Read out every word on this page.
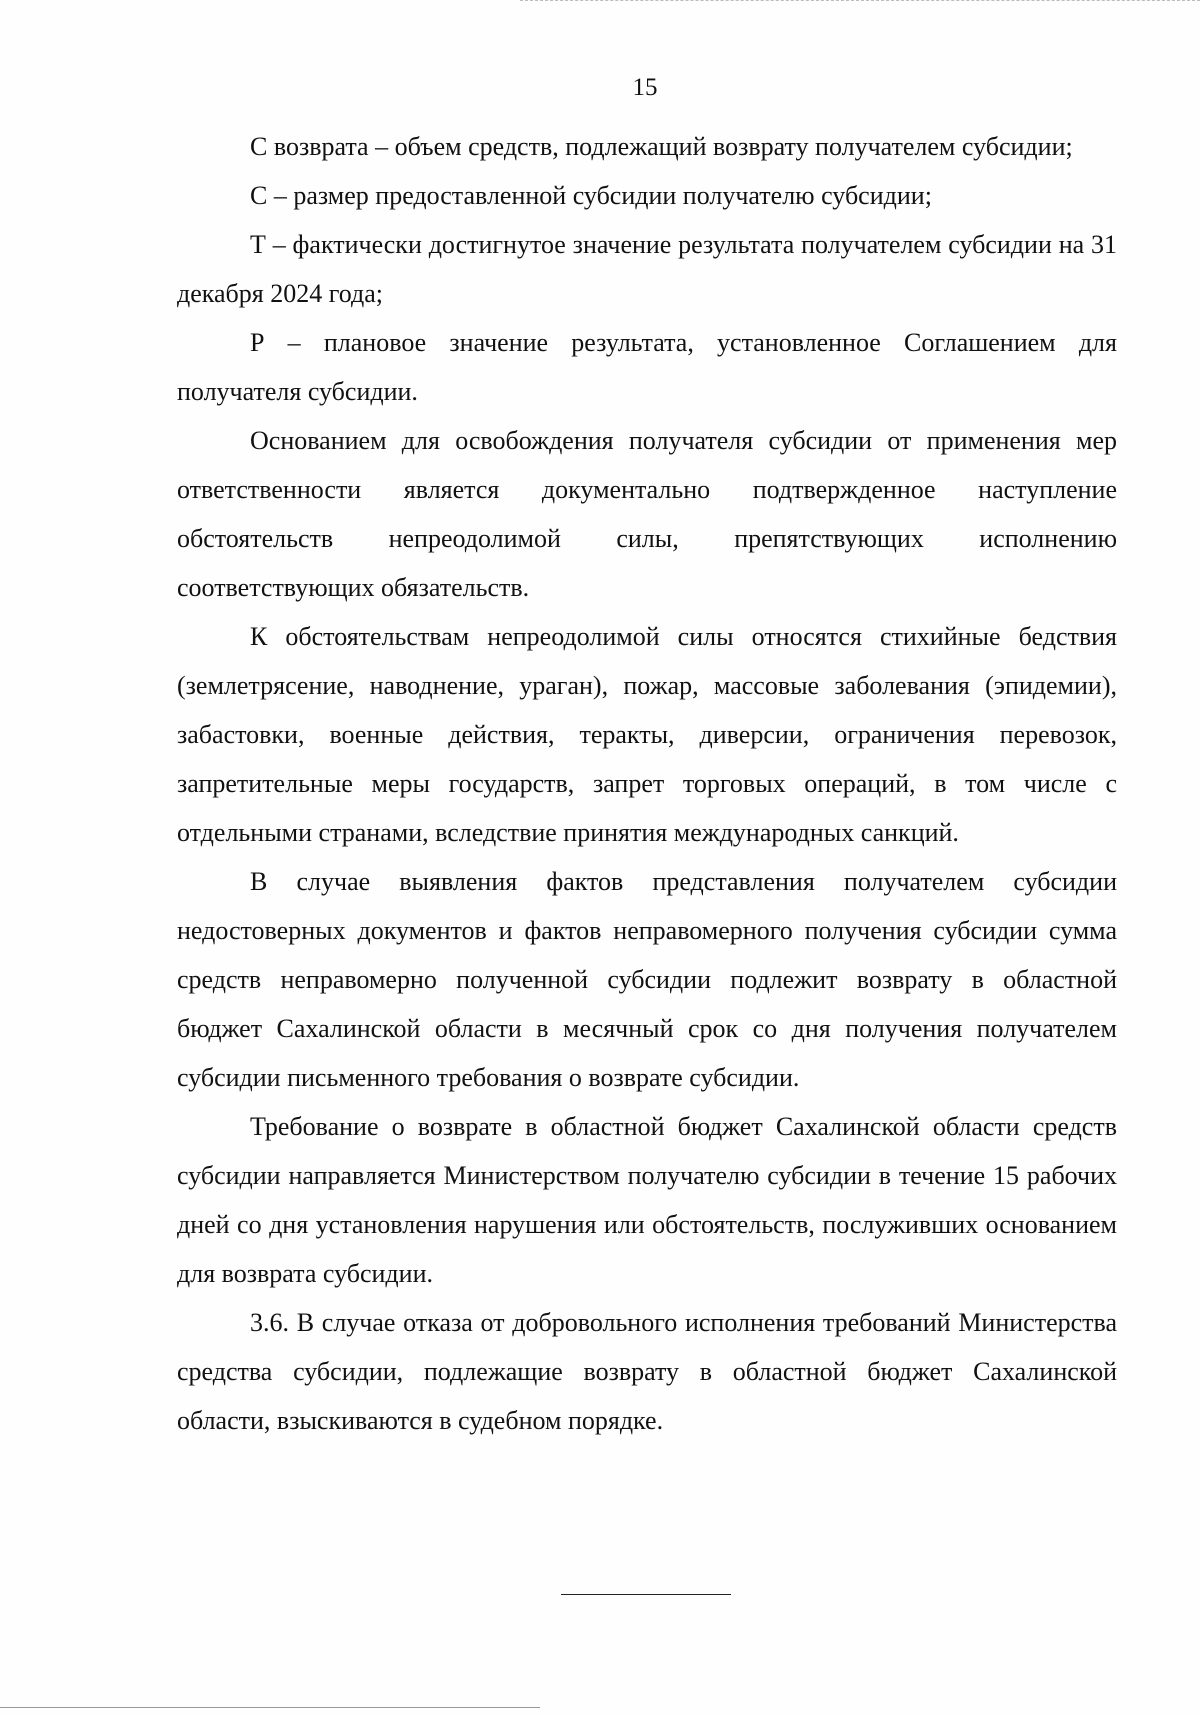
15

С возврата – объем средств, подлежащий возврату получателем субсидии;

С – размер предоставленной субсидии получателю субсидии;

Т – фактически достигнутое значение результата получателем субсидии на 31 декабря 2024 года;

Р – плановое значение результата, установленное Соглашением для получателя субсидии.

Основанием для освобождения получателя субсидии от применения мер ответственности является документально подтвержденное наступление обстоятельств непреодолимой силы, препятствующих исполнению соответствующих обязательств.

К обстоятельствам непреодолимой силы относятся стихийные бедствия (землетрясение, наводнение, ураган), пожар, массовые заболевания (эпидемии), забастовки, военные действия, теракты, диверсии, ограничения перевозок, запретительные меры государств, запрет торговых операций, в том числе с отдельными странами, вследствие принятия международных санкций.

В случае выявления фактов представления получателем субсидии недостоверных документов и фактов неправомерного получения субсидии сумма средств неправомерно полученной субсидии подлежит возврату в областной бюджет Сахалинской области в месячный срок со дня получения получателем субсидии письменного требования о возврате субсидии.

Требование о возврате в областной бюджет Сахалинской области средств субсидии направляется Министерством получателю субсидии в течение 15 рабочих дней со дня установления нарушения или обстоятельств, послуживших основанием для возврата субсидии.

3.6. В случае отказа от добровольного исполнения требований Министерства средства субсидии, подлежащие возврату в областной бюджет Сахалинской области, взыскиваются в судебном порядке.
